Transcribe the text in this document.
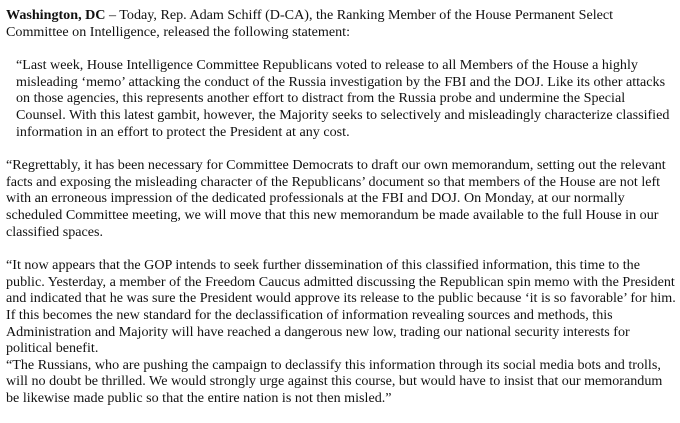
Washington, DC – Today, Rep. Adam Schiff (D-CA), the Ranking Member of the House Permanent Select Committee on Intelligence, released the following statement:

“Last week, House Intelligence Committee Republicans voted to release to all Members of the House a highly misleading ‘memo’ attacking the conduct of the Russia investigation by the FBI and the DOJ. Like its other attacks on those agencies, this represents another effort to distract from the Russia probe and undermine the Special Counsel. With this latest gambit, however, the Majority seeks to selectively and misleadingly characterize classified information in an effort to protect the President at any cost.

“Regrettably, it has been necessary for Committee Democrats to draft our own memorandum, setting out the relevant facts and exposing the misleading character of the Republicans’ document so that members of the House are not left with an erroneous impression of the dedicated professionals at the FBI and DOJ. On Monday, at our normally scheduled Committee meeting, we will move that this new memorandum be made available to the full House in our classified spaces.

“It now appears that the GOP intends to seek further dissemination of this classified information, this time to the public. Yesterday, a member of the Freedom Caucus admitted discussing the Republican spin memo with the President and indicated that he was sure the President would approve its release to the public because ‘it is so favorable’ for him. If this becomes the new standard for the declassification of information revealing sources and methods, this Administration and Majority will have reached a dangerous new low, trading our national security interests for political benefit.

“The Russians, who are pushing the campaign to declassify this information through its social media bots and trolls, will no doubt be thrilled. We would strongly urge against this course, but would have to insist that our memorandum be likewise made public so that the entire nation is not then misled.”
